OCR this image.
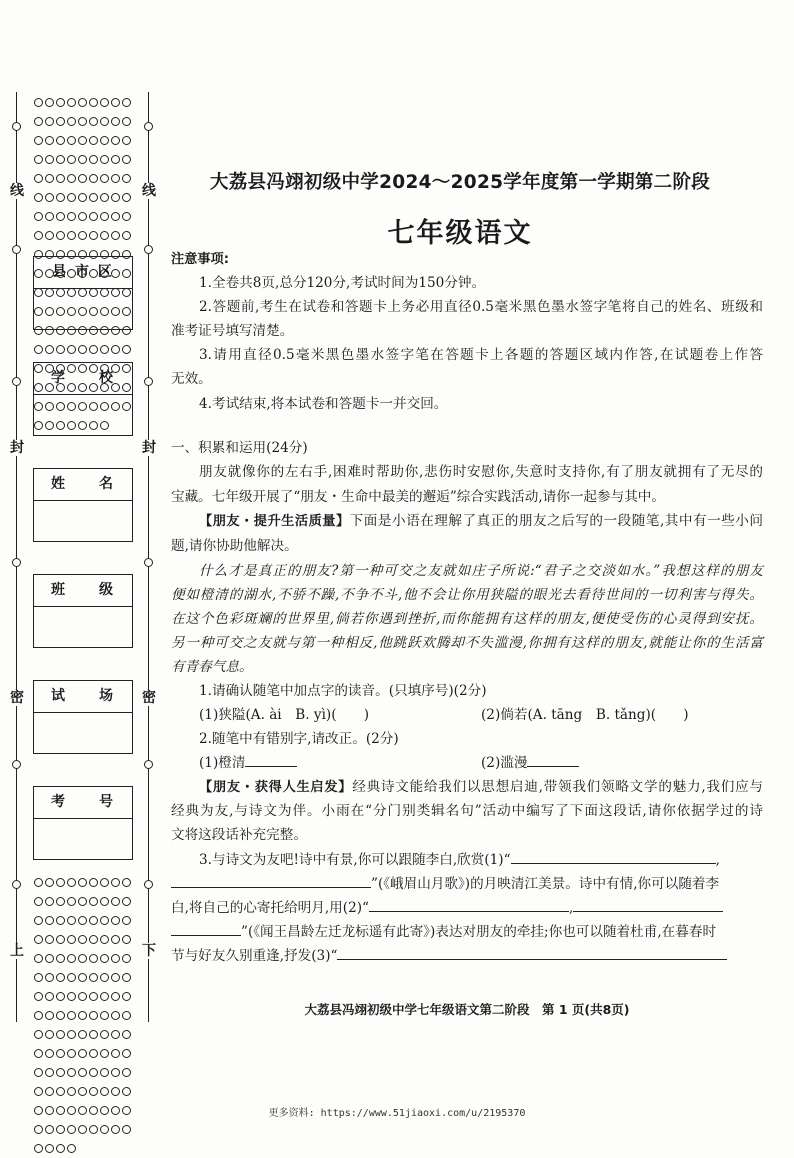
线	线
封	封
密	密
上	下
县 市 区
学　　校
姓　　名
班　　级
试　　场
考　　号
大荔县冯翊初级中学2024～2025学年度第一学期第二阶段
七年级语文
注意事项:
1.全卷共8页,总分120分,考试时间为150分钟。
2.答题前,考生在试卷和答题卡上务必用直径0.5毫米黑色墨水签字笔将自己的姓名、班级和
准考证号填写清楚。
3.请用直径0.5毫米黑色墨水签字笔在答题卡上各题的答题区域内作答,在试题卷上作答
无效。
4.考试结束,将本试卷和答题卡一并交回。
一、积累和运用(24分)
朋友就像你的左右手,困难时帮助你,悲伤时安慰你,失意时支持你,有了朋友就拥有了无尽的
宝藏。七年级开展了“朋友・生命中最美的邂逅”综合实践活动,请你一起参与其中。
【朋友・提升生活质量】下面是小语在理解了真正的朋友之后写的一段随笔,其中有一些小问
题,请你协助他解决。
什么才是真正的朋友?第一种可交之友就如庄子所说:“君子之交淡如水。”我想这样的朋友
便如橙清的湖水,不骄不躁,不争不斗,他不会让你用狭隘的眼光去看待世间的一切利害与得失。
在这个色彩斑斓的世界里,倘若你遇到挫折,而你能拥有这样的朋友,便使受伤的心灵得到安抚。
另一种可交之友就与第一种相反,他跳跃欢腾却不失滥漫,你拥有这样的朋友,就能让你的生活富
有青春气息。
1.请确认随笔中加点字的读音。(只填序号)(2分)
(1)狭隘(A. ài　B. yì)(　　)	(2)倘若(A. tāng　B. tǎng)(　　)
2.随笔中有错别字,请改正。(2分)
(1)橙清	(2)滥漫
【朋友・获得人生启发】经典诗文能给我们以思想启迪,带领我们领略文学的魅力,我们应与
经典为友,与诗文为伴。小雨在“分门别类辑名句”活动中编写了下面这段话,请你依据学过的诗
文将这段话补充完整。
3.与诗文为友吧!诗中有景,你可以跟随李白,欣赏(1)“	,
”(《峨眉山月歌》)的月映清江美景。诗中有情,你可以随着李
白,将自己的心寄托给明月,用(2)“	,
”(《闻王昌龄左迁龙标遥有此寄》)表达对朋友的牵挂;你也可以随着杜甫,在暮春时
节与好友久别重逢,抒发(3)“
大荔县冯翊初级中学七年级语文第二阶段　第 1 页(共8页)
更多资料: https://www.51jiaoxi.com/u/2195370
